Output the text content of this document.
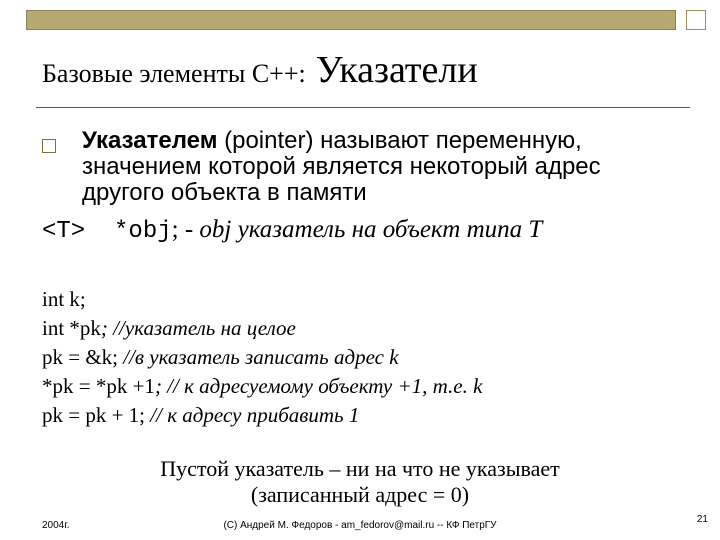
Базовые элементы С++: Указатели
Указателем (pointer) называют переменную,
значением которой является некоторый адрес
другого объекта в памяти
<T>  *obj; - obj указатель на объект типа T
int k;
int *pk; //указатель на целое
pk = &k; //в указатель записать адрес k
*pk = *pk +1; // к адресуемому объекту +1, т.е. k
pk = pk + 1; // к адресу прибавить 1
Пустой указатель – ни на что не указывает
(записанный адрес = 0)
2004г.	(С) Андрей М. Федоров - am_fedorov@mail.ru -- КФ ПетрГУ
21
